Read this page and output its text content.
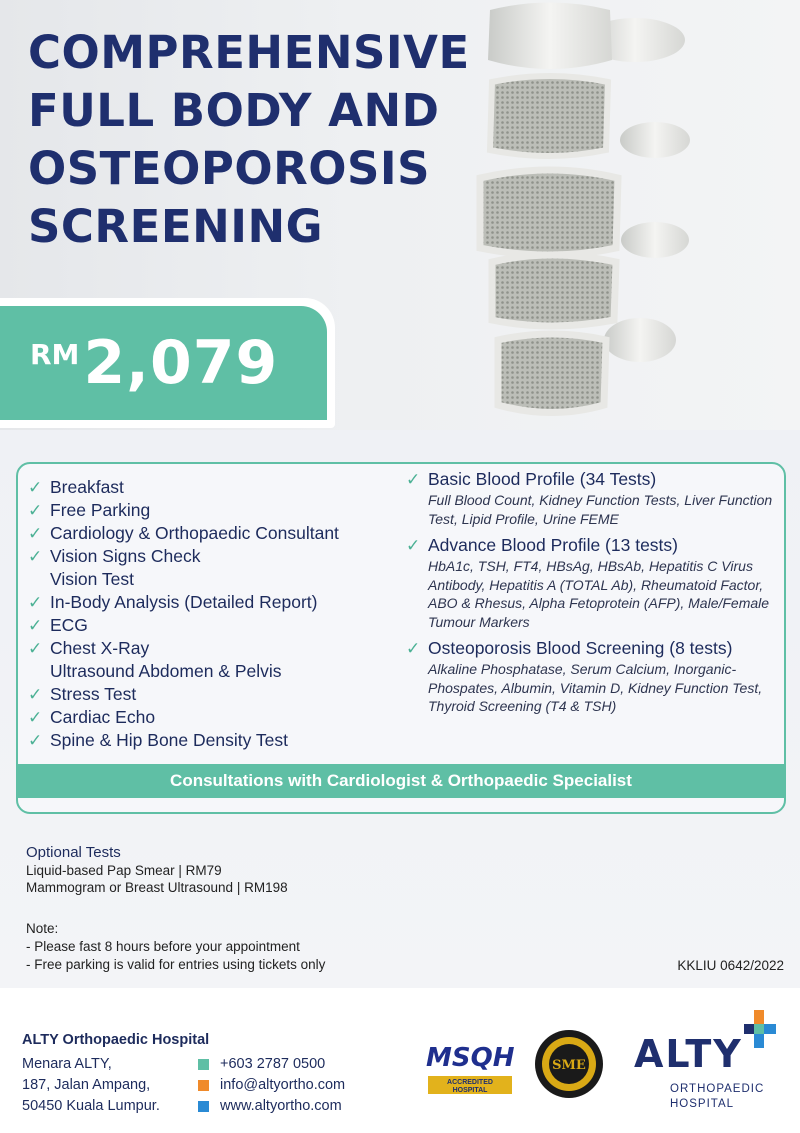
COMPREHENSIVE
FULL BODY AND
OSTEOPOROSIS
SCREENING
RM 2,079
✓ Breakfast
✓ Free Parking
✓ Cardiology & Orthopaedic Consultant
✓ Vision Signs Check
Vision Test
✓ In-Body Analysis (Detailed Report)
✓ ECG
✓ Chest X-Ray
Ultrasound Abdomen & Pelvis
✓ Stress Test
✓ Cardiac Echo
✓ Spine & Hip Bone Density Test
✓ Basic Blood Profile (34 Tests)
Full Blood Count, Kidney Function Tests, Liver Function Test, Lipid Profile, Urine FEME
✓ Advance Blood Profile (13 tests)
HbA1c, TSH, FT4, HBsAg, HBsAb, Hepatitis C Virus Antibody, Hepatitis A (TOTAL Ab), Rheumatoid Factor, ABO & Rhesus, Alpha Fetoprotein (AFP), Male/Female Tumour Markers
✓ Osteoporosis Blood Screening (8 tests)
Alkaline Phosphatase, Serum Calcium, Inorganic-Phospates, Albumin, Vitamin D, Kidney Function Test, Thyroid Screening (T4 & TSH)
Consultations with Cardiologist & Orthopaedic Specialist
Optional Tests
Liquid-based Pap Smear | RM79
Mammogram or Breast Ultrasound | RM198
Note:
- Please fast 8 hours before your appointment
- Free parking is valid for entries using tickets only	KKLIU 0642/2022
ALTY Orthopaedic Hospital
Menara ALTY,
187, Jalan Ampang,
50450 Kuala Lumpur.
+603 2787 0500
info@altyortho.com
www.altyortho.com
MSQH
ACCREDITED
HOSPITAL
SME ALTY
ORTHOPAEDIC
HOSPITAL
